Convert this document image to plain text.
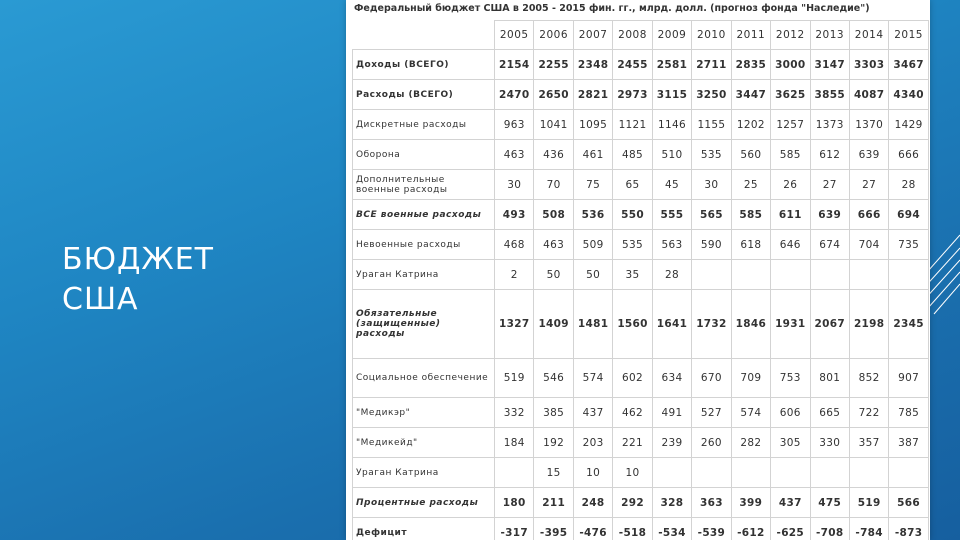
БЮДЖЕТ
США
Федеральный бюджет США в 2005 - 2015 фин. гг., млрд. долл. (прогноз фонда "Наследие")
	2005	2006	2007	2008	2009	2010	2011	2012	2013	2014	2015
Доходы (ВСЕГО)	2154	2255	2348	2455	2581	2711	2835	3000	3147	3303	3467
Расходы (ВСЕГО)	2470	2650	2821	2973	3115	3250	3447	3625	3855	4087	4340
Дискретные расходы	963	1041	1095	1121	1146	1155	1202	1257	1373	1370	1429
Оборона	463	436	461	485	510	535	560	585	612	639	666
Дополнительные военные расходы	30	70	75	65	45	30	25	26	27	27	28
ВСЕ военные расходы	493	508	536	550	555	565	585	611	639	666	694
Невоенные расходы	468	463	509	535	563	590	618	646	674	704	735
Ураган Катрина	2	50	50	35	28						
Обязательные (защищенные) расходы	1327	1409	1481	1560	1641	1732	1846	1931	2067	2198	2345
Социальное обеспечение	519	546	574	602	634	670	709	753	801	852	907
"Медикэр"	332	385	437	462	491	527	574	606	665	722	785
"Медикейд"	184	192	203	221	239	260	282	305	330	357	387
Ураган Катрина		15	10	10							
Процентные расходы	180	211	248	292	328	363	399	437	475	519	566
Дефицит	-317	-395	-476	-518	-534	-539	-612	-625	-708	-784	-873
